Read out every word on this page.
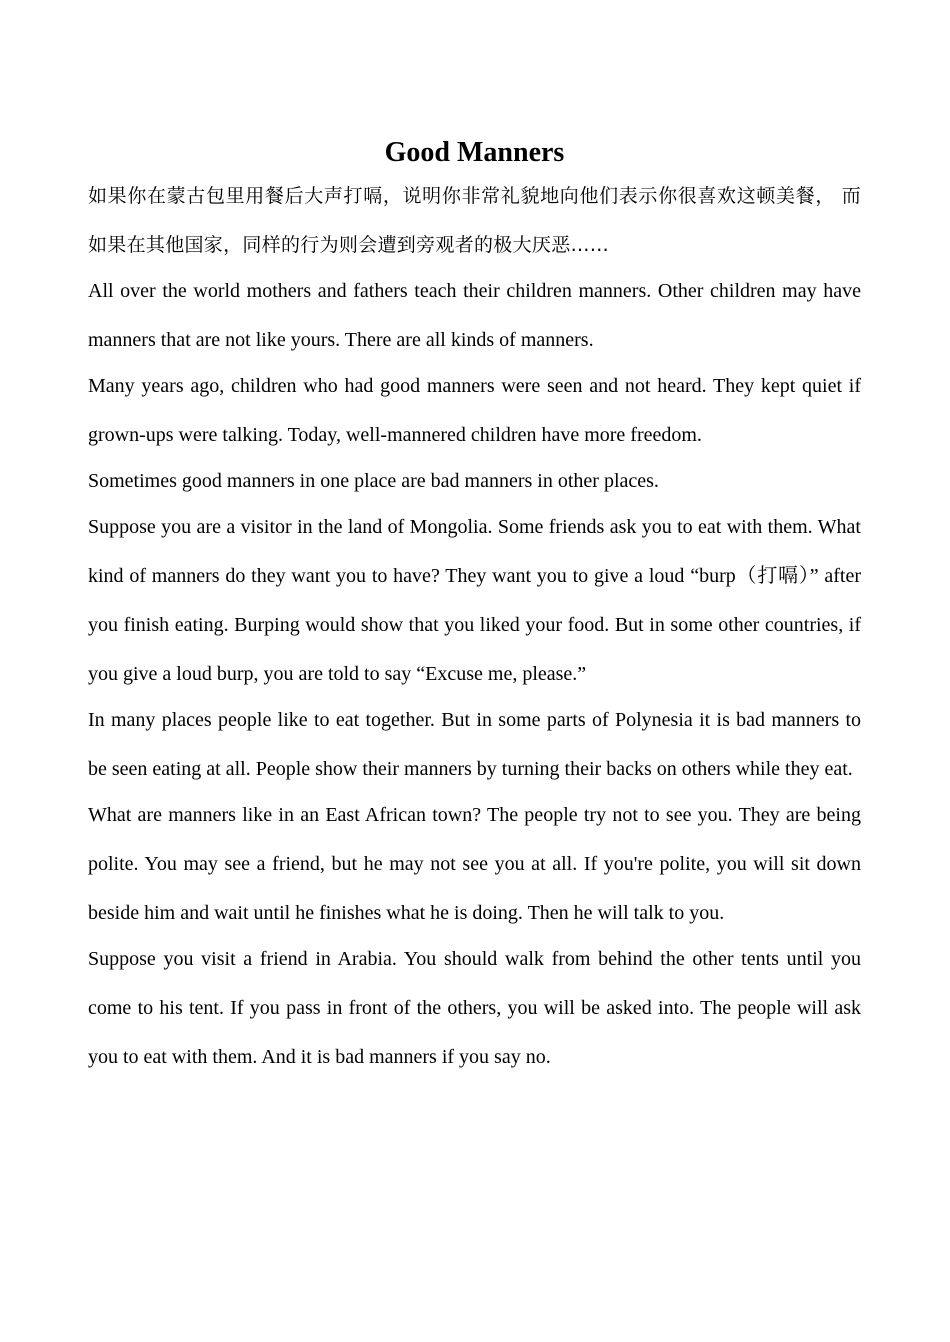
Good Manners

如果你在蒙古包里用餐后大声打嗝，说明你非常礼貌地向他们表示你很喜欢这顿美餐， 而如果在其他国家，同样的行为则会遭到旁观者的极大厌恶……

All over the world mothers and fathers teach their children manners. Other children may have manners that are not like yours. There are all kinds of manners.

Many years ago, children who had good manners were seen and not heard. They kept quiet if grown-ups were talking. Today, well-mannered children have more freedom.

Sometimes good manners in one place are bad manners in other places.

Suppose you are a visitor in the land of Mongolia. Some friends ask you to eat with them. What kind of manners do they want you to have? They want you to give a loud “burp（打嗝）” after you finish eating. Burping would show that you liked your food. But in some other countries, if you give a loud burp, you are told to say “Excuse me, please.”

In many places people like to eat together. But in some parts of Polynesia it is bad manners to be seen eating at all. People show their manners by turning their backs on others while they eat.

What are manners like in an East African town? The people try not to see you. They are being polite. You may see a friend, but he may not see you at all. If you're polite, you will sit down beside him and wait until he finishes what he is doing. Then he will talk to you.

Suppose you visit a friend in Arabia. You should walk from behind the other tents until you come to his tent. If you pass in front of the others, you will be asked into. The people will ask you to eat with them. And it is bad manners if you say no.
